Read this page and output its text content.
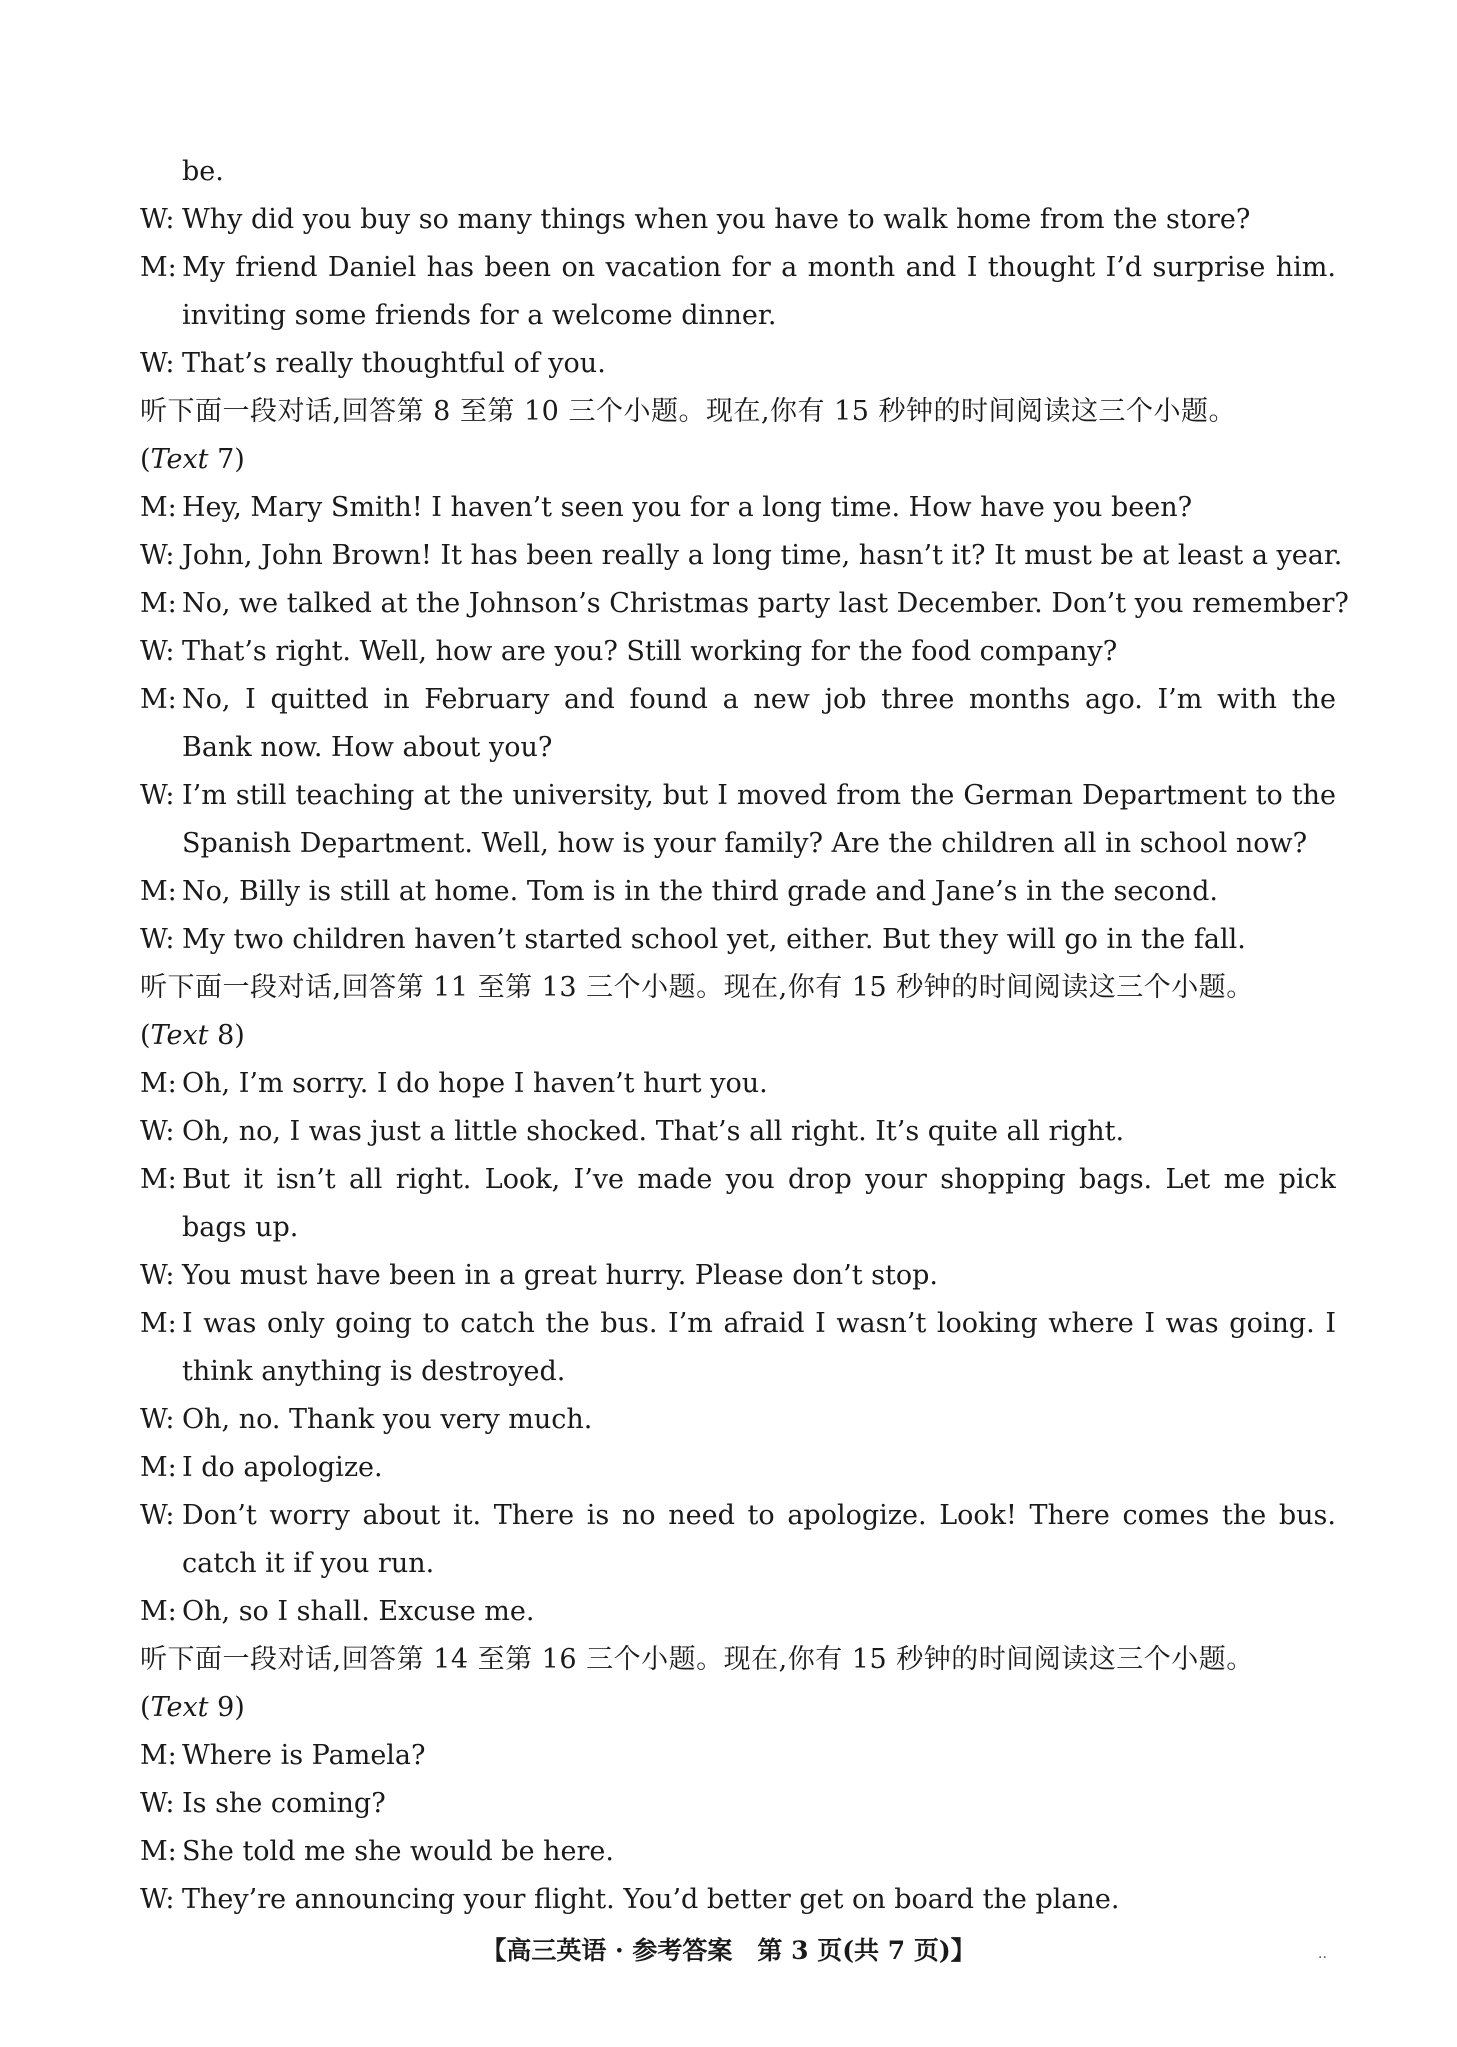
be.
W: Why did you buy so many things when you have to walk home from the store?
M: My friend Daniel has been on vacation for a month and I thought I’d surprise him.
inviting some friends for a welcome dinner.
W: That’s really thoughtful of you.
听下面一段对话,回答第 8 至第 10 三个小题。现在,你有 15 秒钟的时间阅读这三个小题。
(Text 7)
M: Hey, Mary Smith! I haven’t seen you for a long time. How have you been?
W: John, John Brown! It has been really a long time, hasn’t it? It must be at least a year.
M: No, we talked at the Johnson’s Christmas party last December. Don’t you remember?
W: That’s right. Well, how are you? Still working for the food company?
M: No, I quitted in February and found a new job three months ago. I’m with the
Bank now. How about you?
W: I’m still teaching at the university, but I moved from the German Department to the
Spanish Department. Well, how is your family? Are the children all in school now?
M: No, Billy is still at home. Tom is in the third grade and Jane’s in the second.
W: My two children haven’t started school yet, either. But they will go in the fall.
听下面一段对话,回答第 11 至第 13 三个小题。现在,你有 15 秒钟的时间阅读这三个小题。
(Text 8)
M: Oh, I’m sorry. I do hope I haven’t hurt you.
W: Oh, no, I was just a little shocked. That’s all right. It’s quite all right.
M: But it isn’t all right. Look, I’ve made you drop your shopping bags. Let me pick
bags up.
W: You must have been in a great hurry. Please don’t stop.
M: I was only going to catch the bus. I’m afraid I wasn’t looking where I was going. I
think anything is destroyed.
W: Oh, no. Thank you very much.
M: I do apologize.
W: Don’t worry about it. There is no need to apologize. Look! There comes the bus.
catch it if you run.
M: Oh, so I shall. Excuse me.
听下面一段对话,回答第 14 至第 16 三个小题。现在,你有 15 秒钟的时间阅读这三个小题。
(Text 9)
M: Where is Pamela?
W: Is she coming?
M: She told me she would be here.
W: They’re announcing your flight. You’d better get on board the plane.
【高三英语 · 参考答案　第 3 页(共 7 页)】	··
